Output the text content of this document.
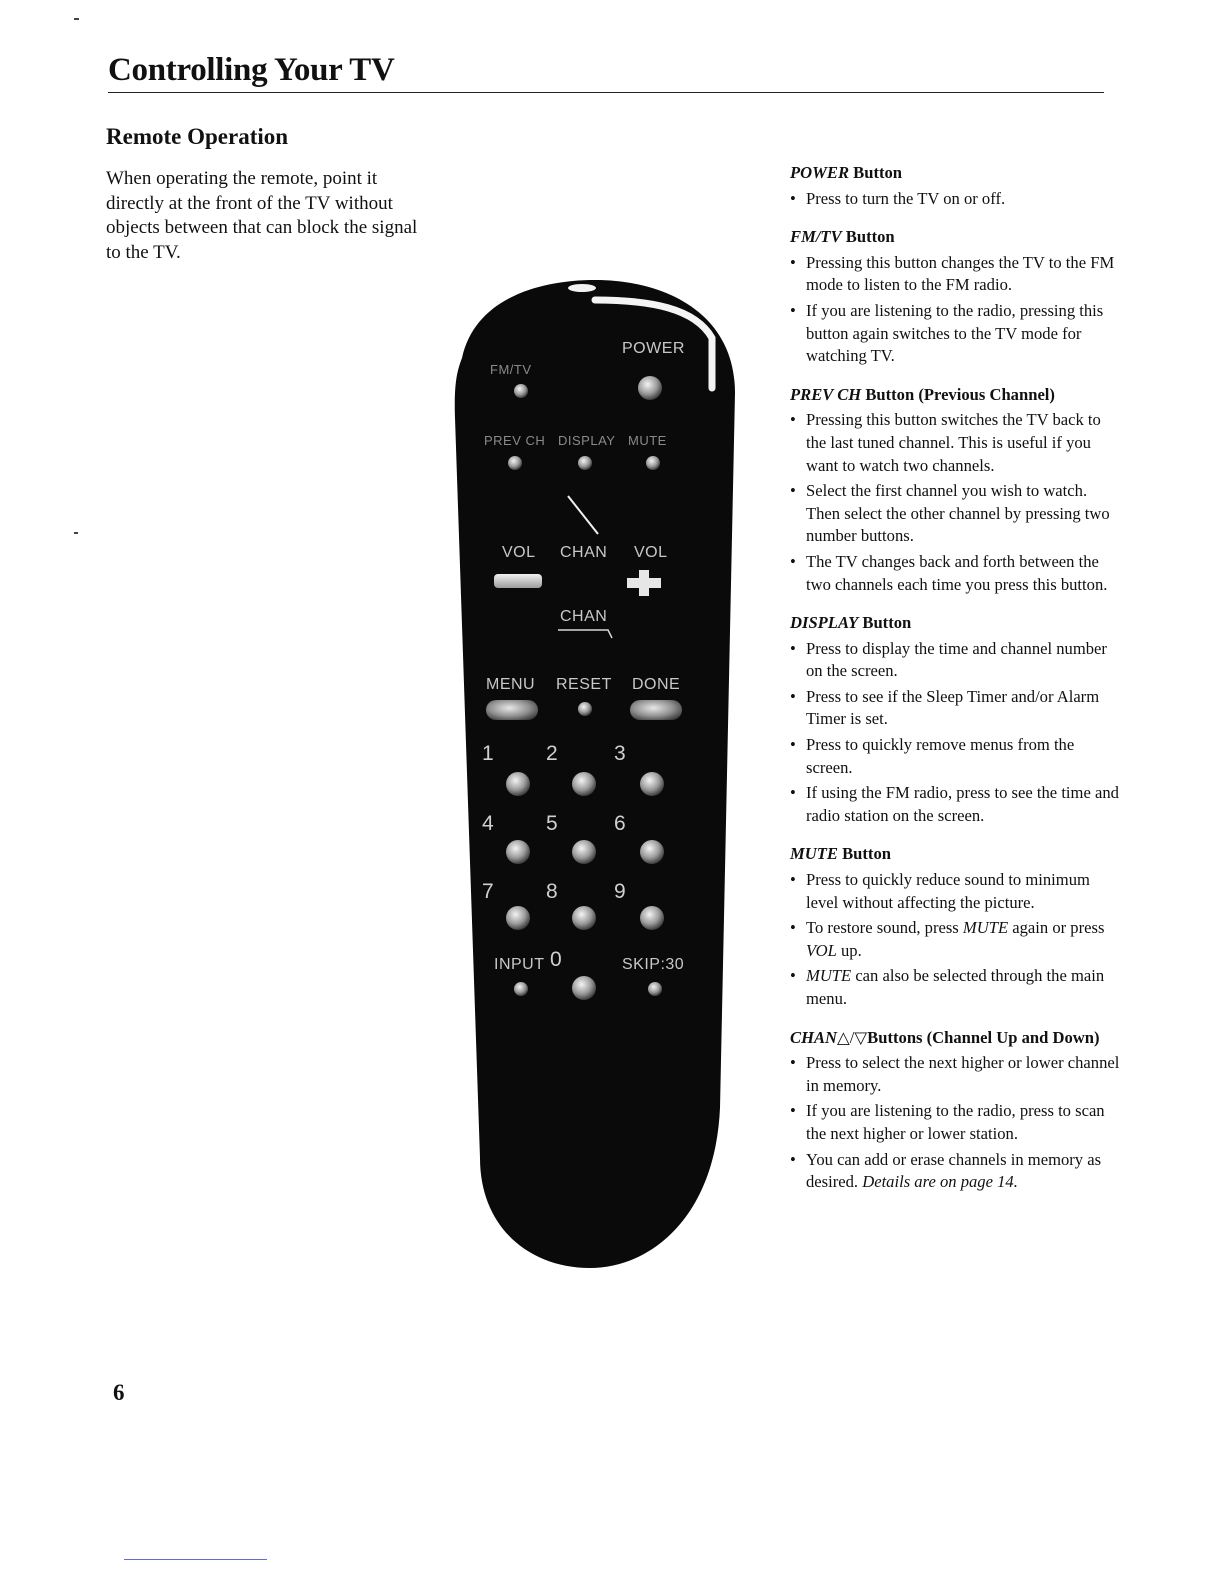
Controlling Your TV
Remote Operation
When operating the remote, point it directly at the front of the TV without objects between that can block the signal to the TV.
POWER
FM/TV
PREV CH DISPLAY MUTE
VOL CHAN VOL
CHAN
MENU RESET DONE
1 2	3
4 5	6
7 8	9
INPUT 0	SKIP:30

POWER Button

• Press to turn the TV on or off.

FM/TV Button

• Pressing this button changes the TV to the FM mode to listen to the FM radio.
• If you are listening to the radio, pressing this button again switches to the TV mode for watching TV.

PREV CH Button (Previous Channel)

• Pressing this button switches the TV back to the last tuned channel. This is useful if you want to watch two channels.
• Select the first channel you wish to watch. Then select the other channel by pressing two number buttons.
• The TV changes back and forth between the two channels each time you press this button.

DISPLAY Button

• Press to display the time and channel number on the screen.
• Press to see if the Sleep Timer and/or Alarm Timer is set.
• Press to quickly remove menus from the screen.
• If using the FM radio, press to see the time and radio station on the screen.

MUTE Button

• Press to quickly reduce sound to minimum level without affecting the picture.
• To restore sound, press MUTE again or press VOL up.
• MUTE can also be selected through the main menu.

CHAN△/▽Buttons (Channel Up and Down)

• Press to select the next higher or lower channel in memory.
• If you are listening to the radio, press to scan the next higher or lower station.
• You can add or erase channels in memory as desired. Details are on page 14.
6
